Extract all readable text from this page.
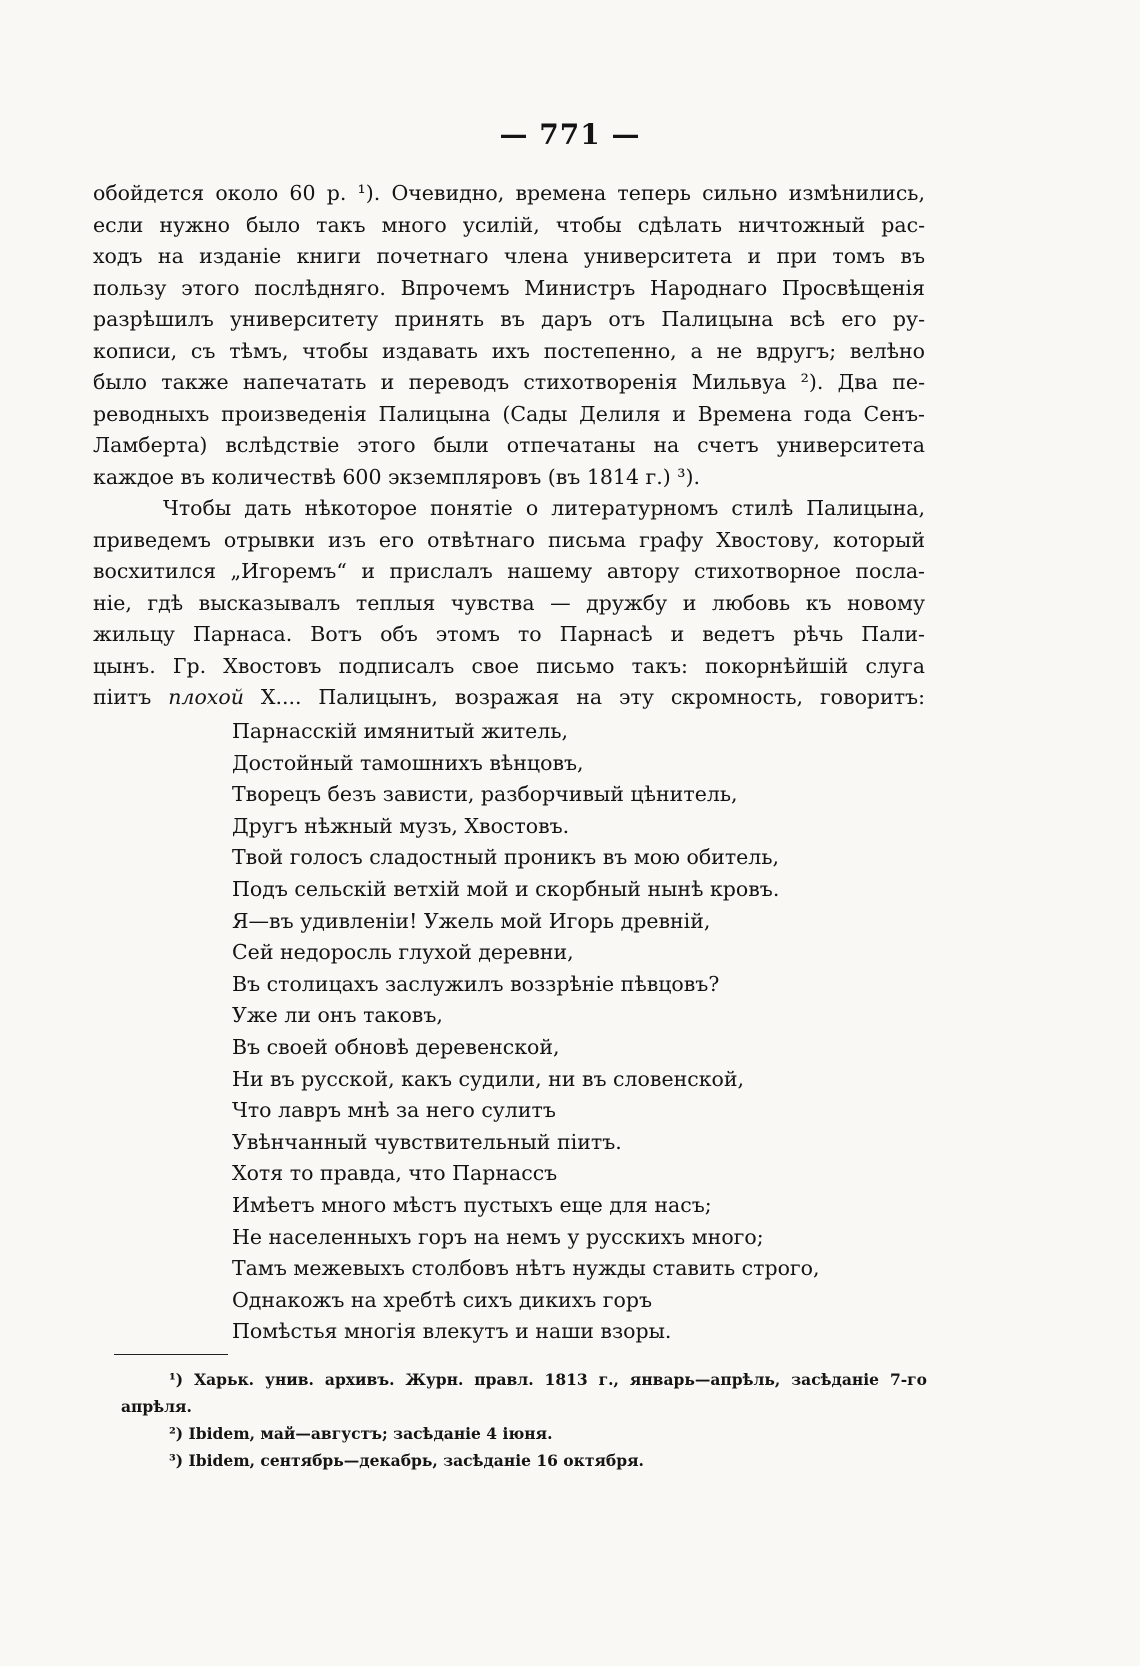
— 771 —
обойдется около 60 р. ¹). Очевидно, времена теперь сильно измѣнились,
если нужно было такъ много усилій, чтобы сдѣлать ничтожный рас-
ходъ на изданіе книги почетнаго члена университета и при томъ въ
пользу этого послѣдняго. Впрочемъ Министръ Народнаго Просвѣщенія
разрѣшилъ университету принять въ даръ отъ Палицына всѣ его ру-
кописи, съ тѣмъ, чтобы издавать ихъ постепенно, а не вдругъ; велѣно
было также напечатать и переводъ стихотворенія Мильвуа ²). Два пе-
реводныхъ произведенія Палицына (Сады Делиля и Времена года Сенъ-
Ламберта) вслѣдствіе этого были отпечатаны на счетъ университета
каждое въ количествѣ 600 экземпляровъ (въ 1814 г.) ³).
Чтобы дать нѣкоторое понятіе о литературномъ стилѣ Палицына,
приведемъ отрывки изъ его отвѣтнаго письма графу Хвостову, который
восхитился „Игоремъ“ и прислалъ нашему автору стихотворное посла-
ніе, гдѣ высказывалъ теплыя чувства — дружбу и любовь къ новому
жильцу Парнаса. Вотъ объ этомъ то Парнасѣ и ведетъ рѣчь Пали-
цынъ. Гр. Хвостовъ подписалъ свое письмо такъ: покорнѣйшій слуга
піитъ плохой Х.... Палицынъ, возражая на эту скромность, говоритъ:
Парнасскій имянитый житель,
Достойный тамошнихъ вѣнцовъ,
Творецъ безъ зависти, разборчивый цѣнитель,
Другъ нѣжный музъ, Хвостовъ.
Твой голосъ сладостный проникъ въ мою обитель,
Подъ сельскій ветхій мой и скорбный нынѣ кровъ.
Я—въ удивленіи! Ужель мой Игорь древній,
Сей недоросль глухой деревни,
Въ столицахъ заслужилъ воззрѣніе пѣвцовъ?
Уже ли онъ таковъ,
Въ своей обновѣ деревенской,
Ни въ русской, какъ судили, ни въ словенской,
Что лавръ мнѣ за него сулитъ
Увѣнчанный чувствительный піитъ.
Хотя то правда, что Парнассъ
Имѣетъ много мѣстъ пустыхъ еще для насъ;
Не населенныхъ горъ на немъ у русскихъ много;
Тамъ межевыхъ столбовъ нѣтъ нужды ставить строго,
Однакожъ на хребтѣ сихъ дикихъ горъ
Помѣстья многія влекутъ и наши взоры.
¹) Харьк. унив. архивъ. Журн. правл. 1813 г., январь—апрѣль, засѣданіе 7-го
апрѣля.
²) Ibidem, май—августъ; засѣданіе 4 іюня.
³) Ibidem, сентябрь—декабрь, засѣданіе 16 октября.
